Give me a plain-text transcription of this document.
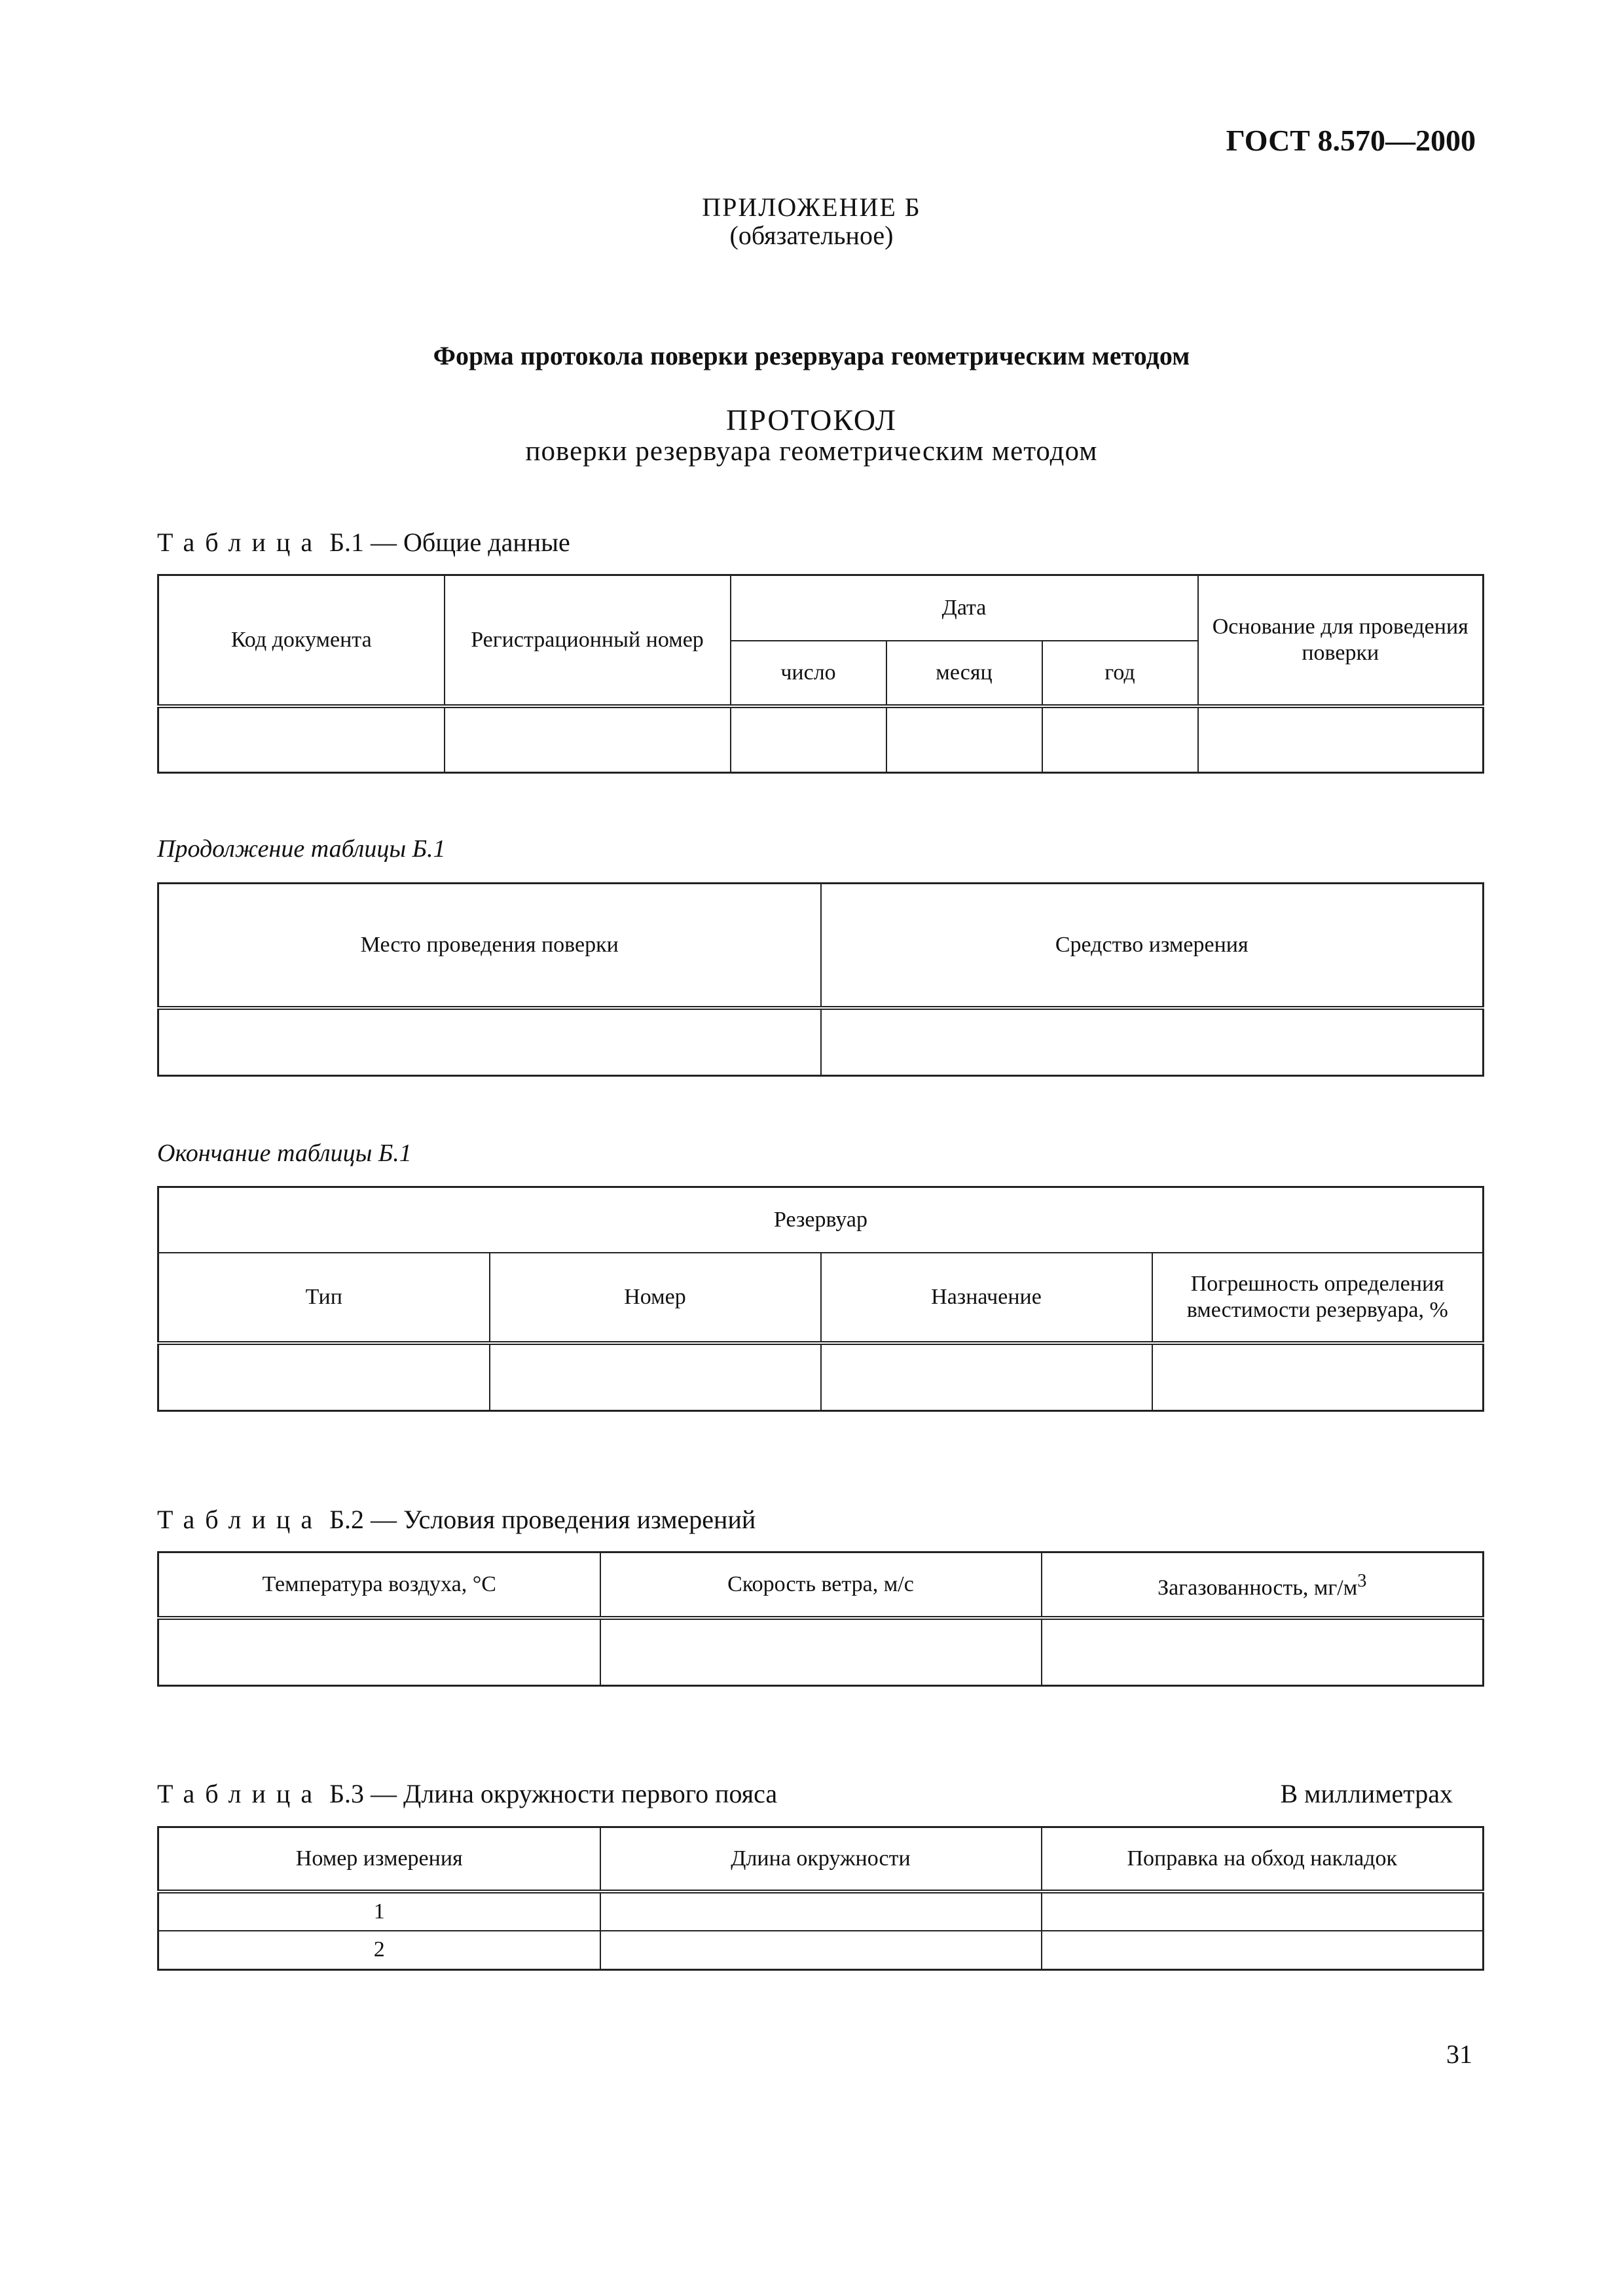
ГОСТ 8.570—2000
ПРИЛОЖЕНИЕ Б
(обязательное)
Форма протокола поверки резервуара геометрическим методом
ПРОТОКОЛ
поверки резервуара геометрическим методом
Таблица Б.1 — Общие данные
Код документа	Регистрационный номер	Дата			Основание для проведения поверки
		число	месяц	год	

Продолжение таблицы Б.1
Место проведения поверки	Средство измерения

Окончание таблицы Б.1
Резервуар			
Тип	Номер	Назначение	Погрешность определения вместимости резервуара, %

Таблица Б.2 — Условия проведения измерений
Температура воздуха, °С	Скорость ветра, м/с	Загазованность, $мг/м^3$

Таблица Б.3 — Длина окружности первого пояса	В миллиметрах
Номер измерения	Длина окружности	Поправка на обход накладок
1		
2		
31
